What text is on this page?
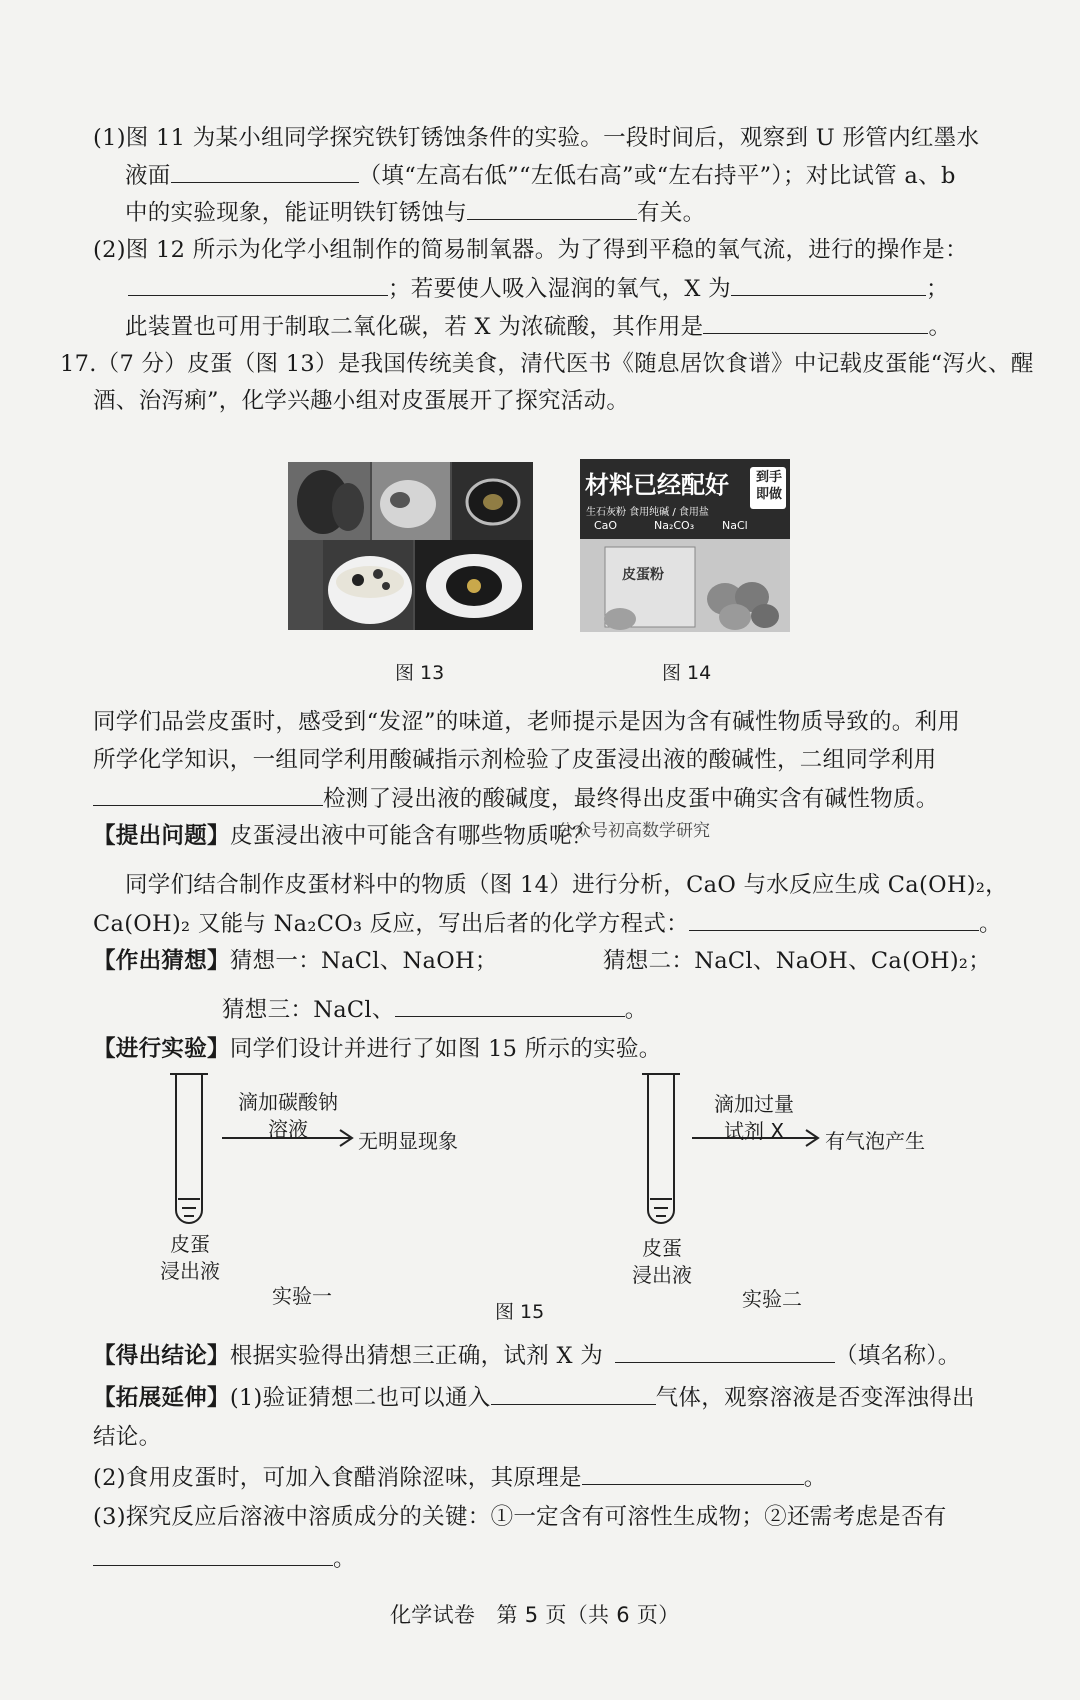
(1)图 11 为某小组同学探究铁钉锈蚀条件的实验。一段时间后，观察到 U 形管内红墨水
液面	（填“左高右低”“左低右高”或“左右持平”）；对比试管 a、b
中的实验现象，能证明铁钉锈蚀与	有关。
(2)图 12 所示为化学小组制作的简易制氧器。为了得到平稳的氧气流，进行的操作是：
；若要使人吸入湿润的氧气，X 为	；
此装置也可用于制取二氧化碳，若 X 为浓硫酸，其作用是	。
17.（7 分）皮蛋（图 13）是我国传统美食，清代医书《随息居饮食谱》中记载皮蛋能“泻火、醒
酒、治泻痢”，化学兴趣小组对皮蛋展开了探究活动。
材料已经配好 到手
即做
生石灰粉 食用纯碱 / 食用盐
CaO	Na₂CO₃	NaCl
皮蛋粉
图 13	图 14
同学们品尝皮蛋时，感受到“发涩”的味道，老师提示是因为含有碱性物质导致的。利用
所学化学知识，一组同学利用酸碱指示剂检验了皮蛋浸出液的酸碱性，二组同学利用
检测了浸出液的酸碱度，最终得出皮蛋中确实含有碱性物质。
【提出问题】皮蛋浸出液中可能含有哪些物质呢？
公众号初高数学研究
同学们结合制作皮蛋材料中的物质（图 14）进行分析，CaO 与水反应生成 Ca(OH)₂，
Ca(OH)₂ 又能与 Na₂CO₃ 反应，写出后者的化学方程式：	。
【作出猜想】猜想一：NaCl、NaOH；	猜想二：NaCl、NaOH、Ca(OH)₂；
猜想三：NaCl、	。
【进行实验】同学们设计并进行了如图 15 所示的实验。
滴加碳酸钠
溶液	无明显现象
皮蛋
浸出液
实验一
滴加过量
试剂 X	有气泡产生
皮蛋
浸出液
实验二
图 15
【得出结论】根据实验得出猜想三正确，试剂 X 为	（填名称）。
【拓展延伸】(1)验证猜想二也可以通入	气体，观察溶液是否变浑浊得出
结论。
(2)食用皮蛋时，可加入食醋消除涩味，其原理是	。
(3)探究反应后溶液中溶质成分的关键：①一定含有可溶性生成物；②还需考虑是否有
。
化学试卷　第 5 页（共 6 页）
